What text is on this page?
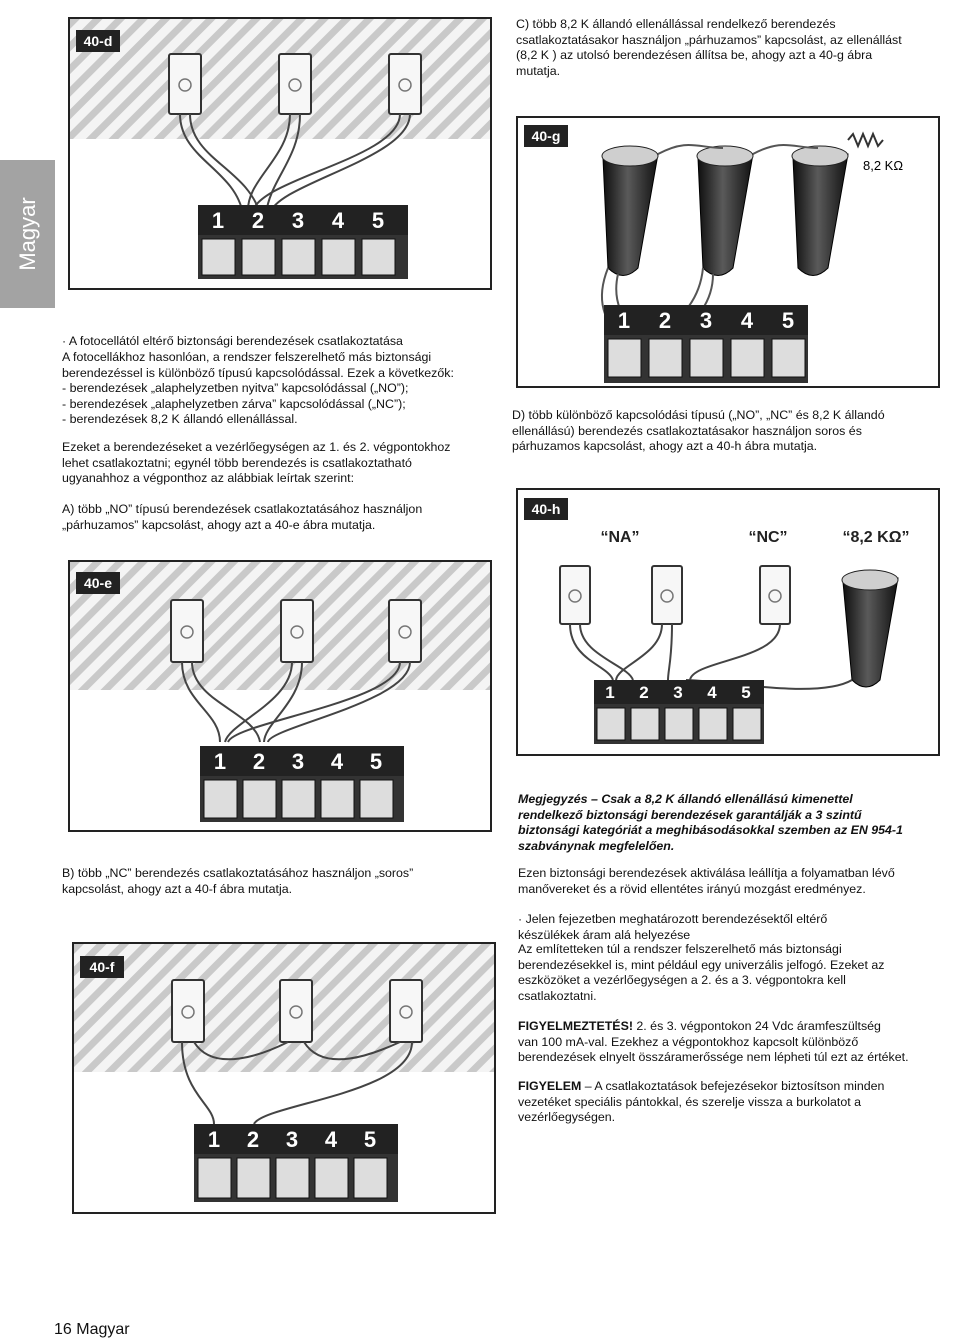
Magyar
40-d
1 2 3 4 5
C) több 8,2 K állandó ellenállással rendelkező berendezés
csatlakoztatásakor használjon „párhuzamos” kapcsolást, az ellenállást
(8,2 K ) az utolsó berendezésen állítsa be, ahogy azt a 40-g ábra
mutatja.
40-g
8,2 KΩ
1 2 3 4 5
· A fotocellától eltérő biztonsági berendezések csatlakoztatása
A fotocellákhoz hasonlóan, a rendszer felszerelhető más biztonsági
berendezéssel is különböző típusú kapcsolódással. Ezek a következők:
- berendezések „alaphelyzetben nyitva” kapcsolódással („NO”);
- berendezések „alaphelyzetben zárva” kapcsolódással („NC”);
- berendezések 8,2 K állandó ellenállással.
Ezeket a berendezéseket a vezérlőegységen az 1. és 2. végpontokhoz
lehet csatlakoztatni; egynél több berendezés is csatlakoztatható
ugyanahhoz a végponthoz az alábbiak leírtak szerint:
A) több „NO” típusú berendezések csatlakoztatásához használjon
„párhuzamos” kapcsolást, ahogy azt a 40-e ábra mutatja.
D) több különböző kapcsolódási típusú („NO”, „NC” és 8,2 K állandó
ellenállású) berendezés csatlakoztatásakor használjon soros és
párhuzamos kapcsolást, ahogy azt a 40-h ábra mutatja.
40-h
“NA”	“NC”	“8,2 KΩ”
1 2 3 4 5
40-e
1 2 3 4 5
Megjegyzés – Csak a 8,2 K állandó ellenállású kimenettel
rendelkező biztonsági berendezések garantálják a 3 szintű
biztonsági kategóriát a meghibásodásokkal szemben az EN 954-1
szabványnak megfelelően.
Ezen biztonsági berendezések aktiválása leállítja a folyamatban lévő
manővereket és a rövid ellentétes irányú mozgást eredményez.
B) több „NC” berendezés csatlakoztatásához használjon „soros”
kapcsolást, ahogy azt a 40-f ábra mutatja.
· Jelen fejezetben meghatározott berendezésektől eltérő
készülékek áram alá helyezése
Az említetteken túl a rendszer felszerelhető más biztonsági
berendezésekkel is, mint például egy univerzális jelfogó. Ezeket az
eszközöket a vezérlőegységen a 2. és a 3. végpontokra kell
csatlakoztatni.
FIGYELMEZTETÉS! 2. és 3. végpontokon 24 Vdc áramfeszültség
van 100 mA-val. Ezekhez a végpontokhoz kapcsolt különböző
berendezések elnyelt összáramerőssége nem lépheti túl ezt az értéket.
FIGYELEM – A csatlakoztatások befejezésekor biztosítson minden
vezetéket speciális pántokkal, és szerelje vissza a burkolatot a
vezérlőegységen.
40-f
1 2 3 4 5
16 Magyar
